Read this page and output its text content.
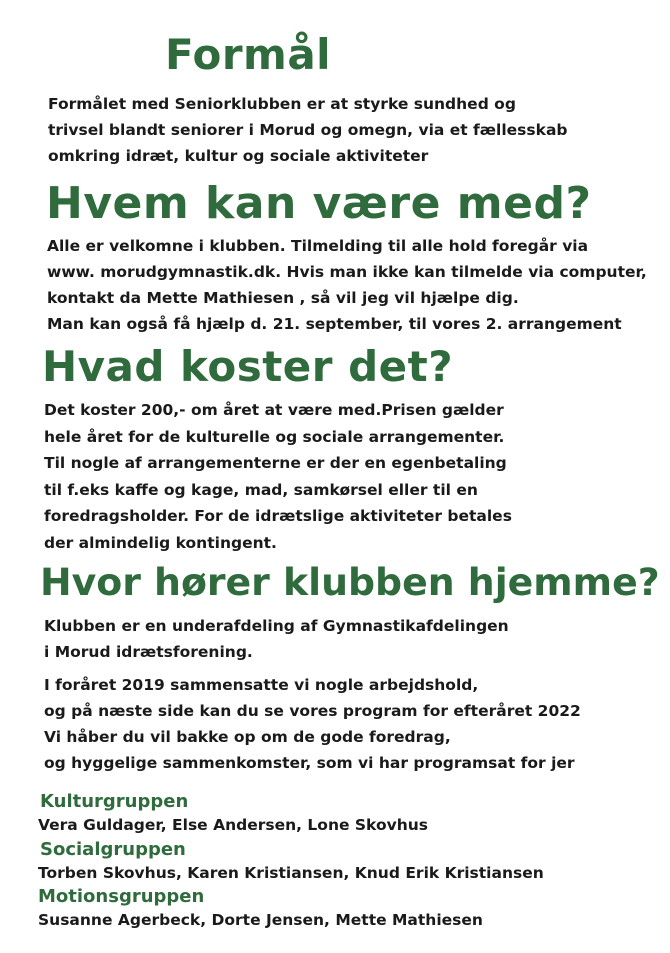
Formål
Formålet med Seniorklubben er at styrke sundhed og
trivsel blandt seniorer i Morud og omegn, via et fællesskab
omkring idræt, kultur og sociale aktiviteter
Hvem kan være med?
Alle er velkomne i klubben. Tilmelding til alle hold foregår via
www. morudgymnastik.dk. Hvis man ikke kan tilmelde via computer,
kontakt da Mette Mathiesen , så vil jeg vil hjælpe dig.
Man kan også få hjælp d. 21. september, til vores 2. arrangement
Hvad koster det?
Det koster 200,- om året at være med.Prisen gælder
hele året for de kulturelle og sociale arrangementer.
Til nogle af arrangementerne er der en egenbetaling
til f.eks kaffe og kage, mad, samkørsel eller til en
foredragsholder. For de idrætslige aktiviteter betales
der almindelig kontingent.
Hvor hører klubben hjemme?
Klubben er en underafdeling af Gymnastikafdelingen
i Morud idrætsforening.
I foråret 2019 sammensatte vi nogle arbejdshold,
og på næste side kan du se vores program for efteråret 2022
Vi håber du vil bakke op om de gode foredrag,
og hyggelige sammenkomster, som vi har programsat for jer
Kulturgruppen
Vera Guldager, Else Andersen, Lone Skovhus
Socialgruppen
Torben Skovhus, Karen Kristiansen, Knud Erik Kristiansen
Motionsgruppen
Susanne Agerbeck, Dorte Jensen, Mette Mathiesen
